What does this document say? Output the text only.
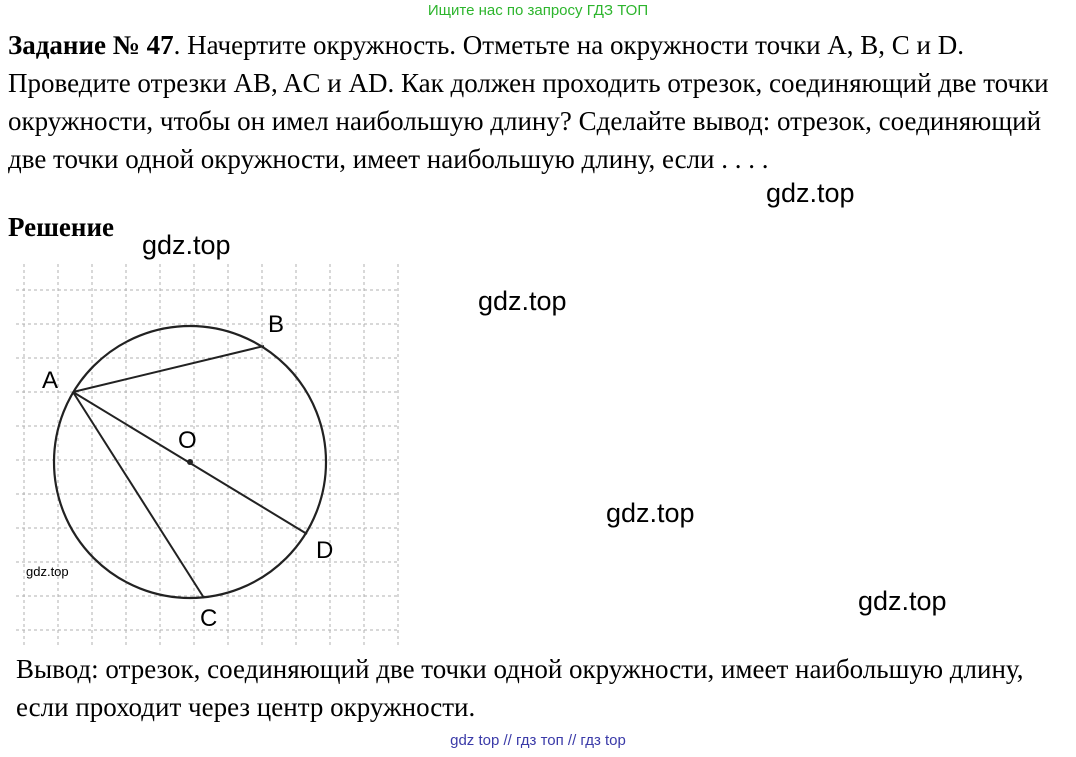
Ищите нас по запросу ГДЗ ТОП
Задание № 47. Начертите окружность. Отметьте на окружности точки A, B, C и D. Проведите отрезки AB, AC и AD. Как должен проходить отрезок, соединяющий две точки окружности, чтобы он имел наибольшую длину? Сделайте вывод: отрезок, соединяющий две точки одной окружности, имеет наибольшую длину, если . . . .
Решение
gdz.top
gdz.top
gdz.top
gdz.top
gdz.top
A
B
C
D
O
gdz.top
Вывод: отрезок, соединяющий две точки одной окружности, имеет наибольшую длину, если проходит через центр окружности.
gdz top // гдз топ // гдз top
